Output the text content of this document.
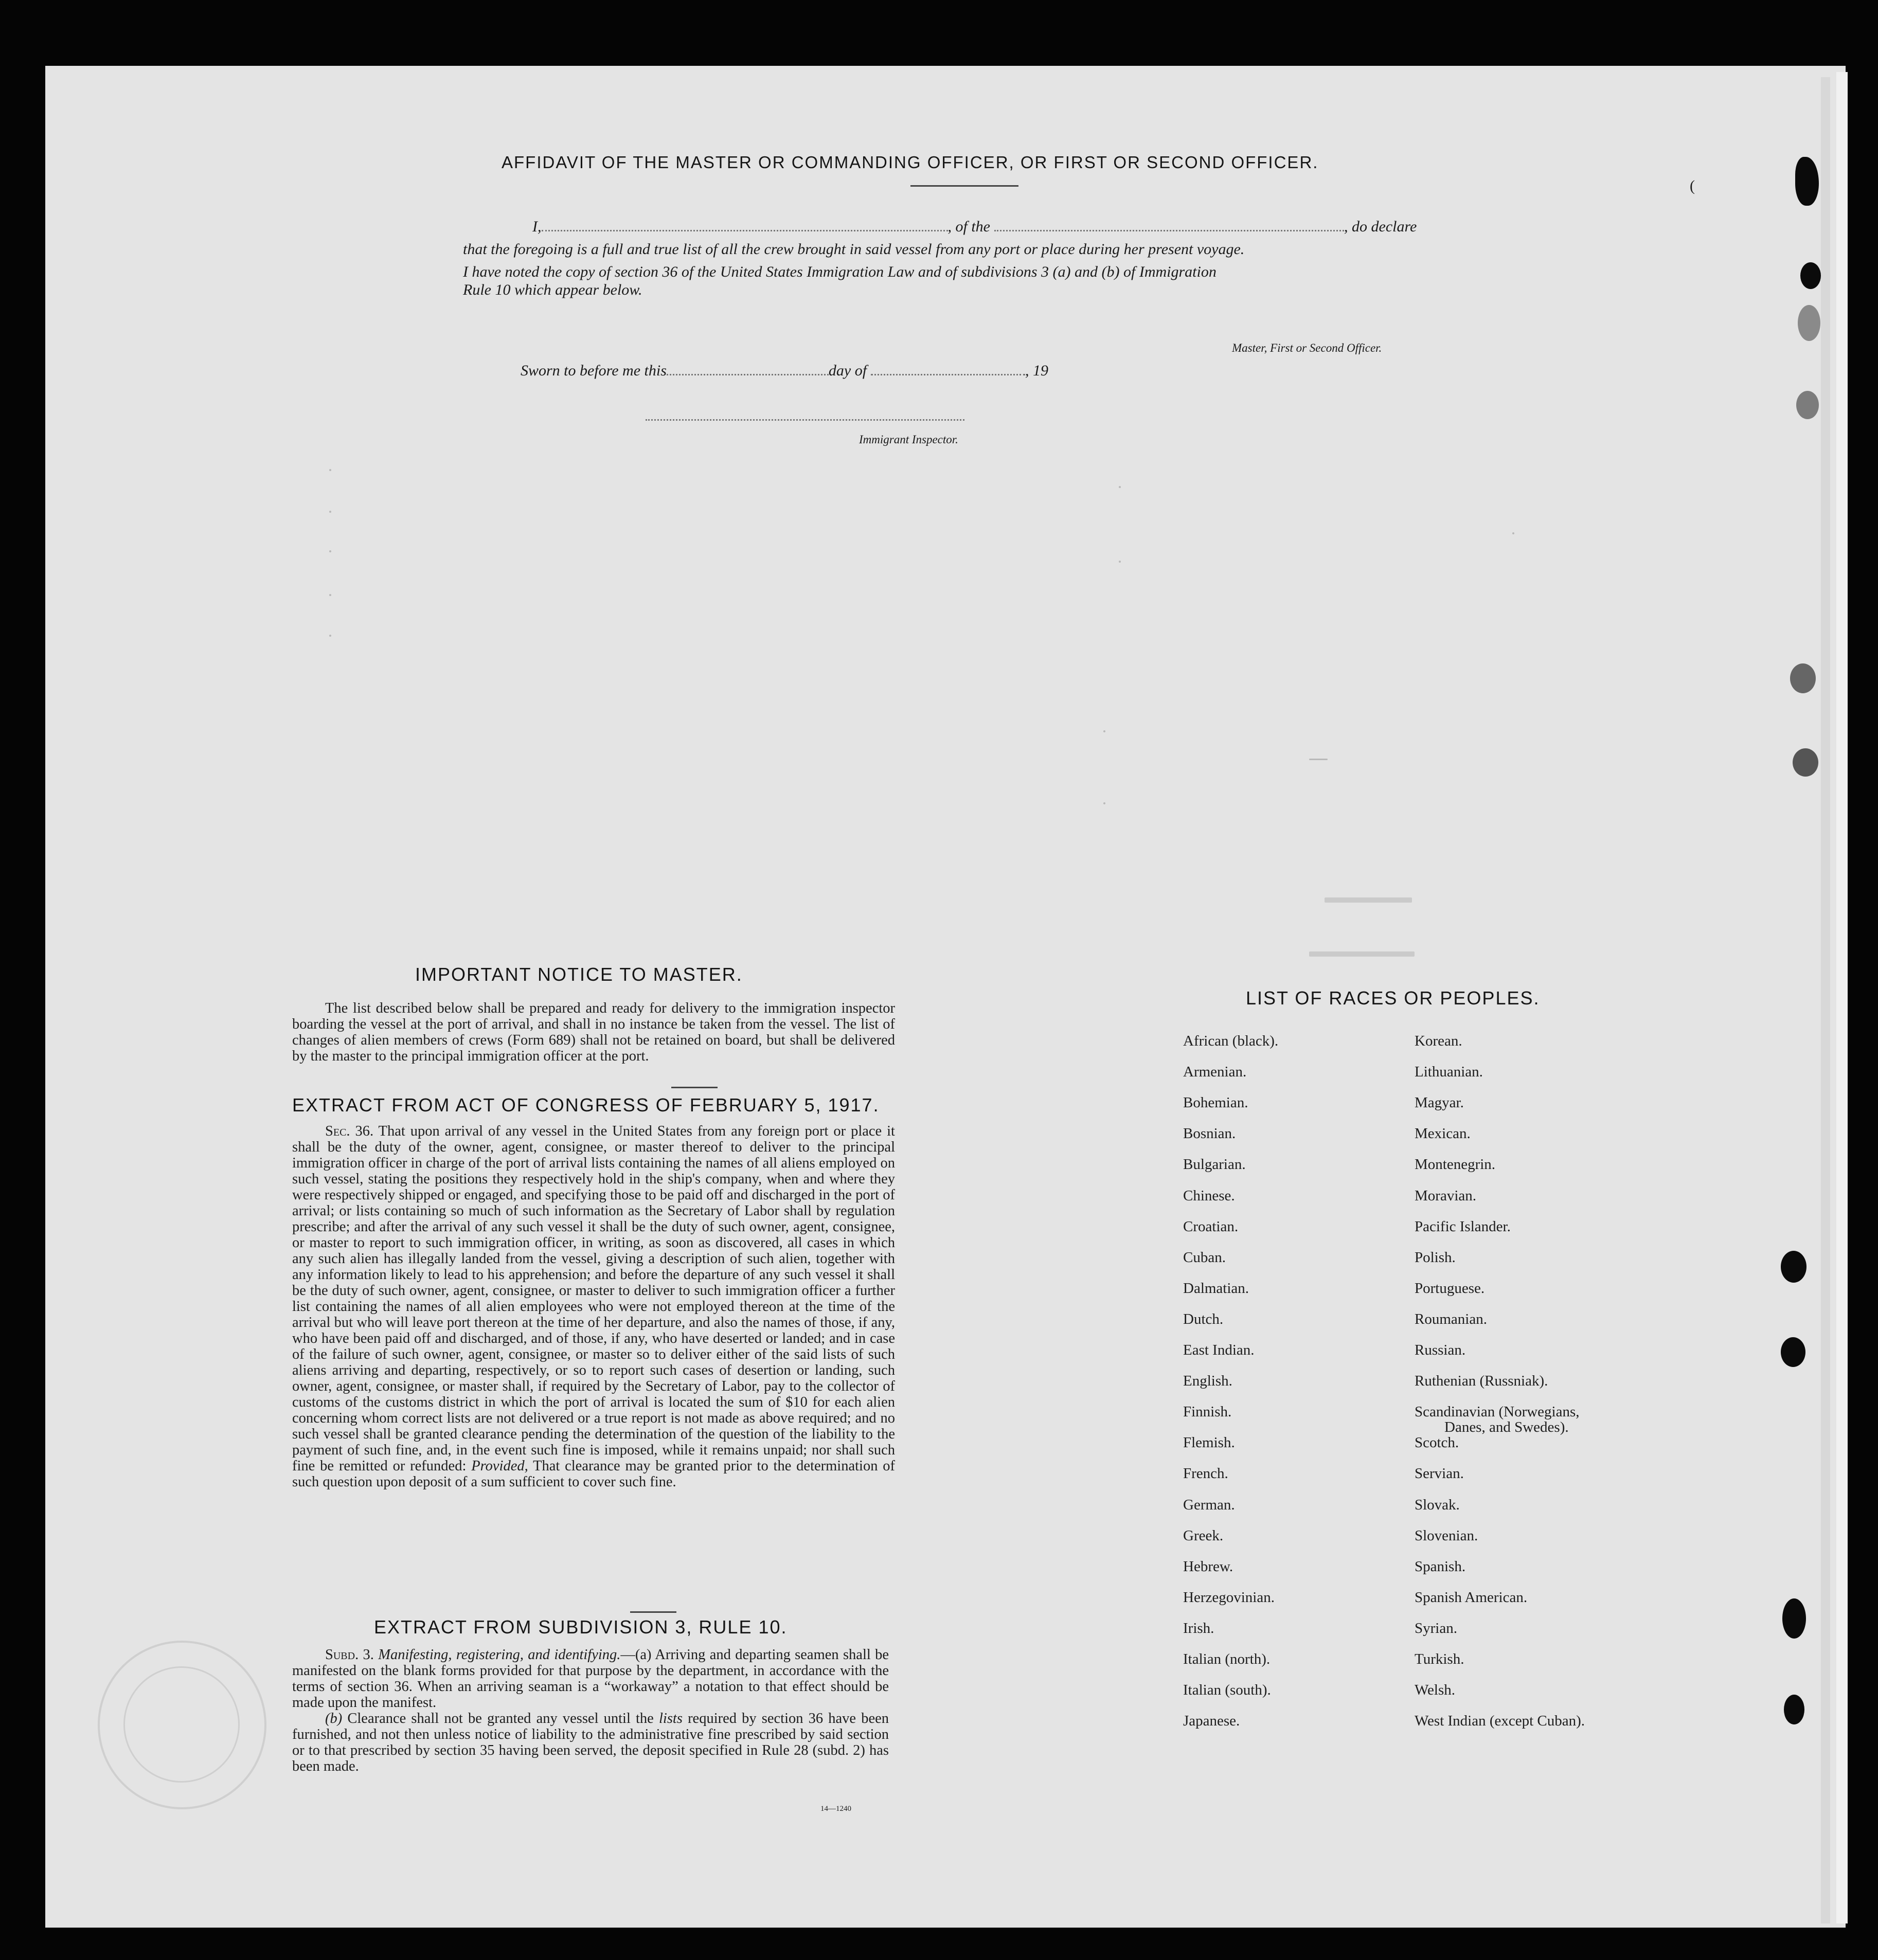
AFFIDAVIT OF THE MASTER OR COMMANDING OFFICER, OR FIRST OR SECOND OFFICER.
I,	, of the	, do declare
that the foregoing is a full and true list of all the crew brought in said vessel from any port or place during her present voyage.
I have noted the copy of section 36 of the United States Immigration Law and of subdivisions 3 (a) and (b) of Immigration
Rule 10 which appear below.
Master, First or Second Officer.
Sworn to before me this	day of	, 19
Immigrant Inspector.
IMPORTANT NOTICE TO MASTER.

The list described below shall be prepared and ready for delivery to the immigration inspector boarding the vessel at the port of arrival, and shall in no instance be taken from the vessel. The list of changes of alien members of crews (Form 689) shall not be retained on board, but shall be delivered by the master to the principal immigration officer at the port.

EXTRACT FROM ACT OF CONGRESS OF FEBRUARY 5, 1917.

Sec. 36. That upon arrival of any vessel in the United States from any foreign port or place it shall be the duty of the owner, agent, consignee, or master thereof to deliver to the principal immigration officer in charge of the port of arrival lists containing the names of all aliens employed on such vessel, stating the positions they respectively hold in the ship's company, when and where they were respectively shipped or engaged, and specifying those to be paid off and discharged in the port of arrival; or lists containing so much of such information as the Secretary of Labor shall by regulation prescribe; and after the arrival of any such vessel it shall be the duty of such owner, agent, consignee, or master to report to such immigration officer, in writing, as soon as discovered, all cases in which any such alien has illegally landed from the vessel, giving a description of such alien, together with any information likely to lead to his apprehension; and before the departure of any such vessel it shall be the duty of such owner, agent, consignee, or master to deliver to such immigration officer a further list containing the names of all alien employees who were not employed thereon at the time of the arrival but who will leave port thereon at the time of her departure, and also the names of those, if any, who have been paid off and discharged, and of those, if any, who have deserted or landed; and in case of the failure of such owner, agent, consignee, or master so to deliver either of the said lists of such aliens arriving and departing, respectively, or so to report such cases of desertion or landing, such owner, agent, consignee, or master shall, if required by the Secretary of Labor, pay to the collector of customs of the customs district in which the port of arrival is located the sum of $10 for each alien concerning whom correct lists are not delivered or a true report is not made as above required; and no such vessel shall be granted clearance pending the determination of the question of the liability to the payment of such fine, and, in the event such fine is imposed, while it remains unpaid; nor shall such fine be remitted or refunded: Provided, That clearance may be granted prior to the determination of such question upon deposit of a sum sufficient to cover such fine.

EXTRACT FROM SUBDIVISION 3, RULE 10.

Subd. 3. Manifesting, registering, and identifying.—(a) Arriving and departing seamen shall be manifested on the blank forms provided for that purpose by the department, in accordance with the terms of section 36. When an arriving seaman is a “workaway” a notation to that effect should be made upon the manifest.

(b) Clearance shall not be granted any vessel until the lists required by section 36 have been furnished, and not then unless notice of liability to the administrative fine prescribed by said section or to that prescribed by section 35 having been served, the deposit specified in Rule 28 (subd. 2) has been made.

14—1240
LIST OF RACES OR PEOPLES.
African (black).
Armenian.
Bohemian.
Bosnian.
Bulgarian.
Chinese.
Croatian.
Cuban.
Dalmatian.
Dutch.
East Indian.
English.
Finnish.
Flemish.
French.
German.
Greek.
Hebrew.
Herzegovinian.
Irish.
Italian (north).
Italian (south).
Japanese.
Korean.
Lithuanian.
Magyar.
Mexican.
Montenegrin.
Moravian.
Pacific Islander.
Polish.
Portuguese.
Roumanian.
Russian.
Ruthenian (Russniak).
Scandinavian (Norwegians,
Danes, and Swedes).
Scotch.
Servian.
Slovak.
Slovenian.
Spanish.
Spanish American.
Syrian.
Turkish.
Welsh.
West Indian (except Cuban).
(
